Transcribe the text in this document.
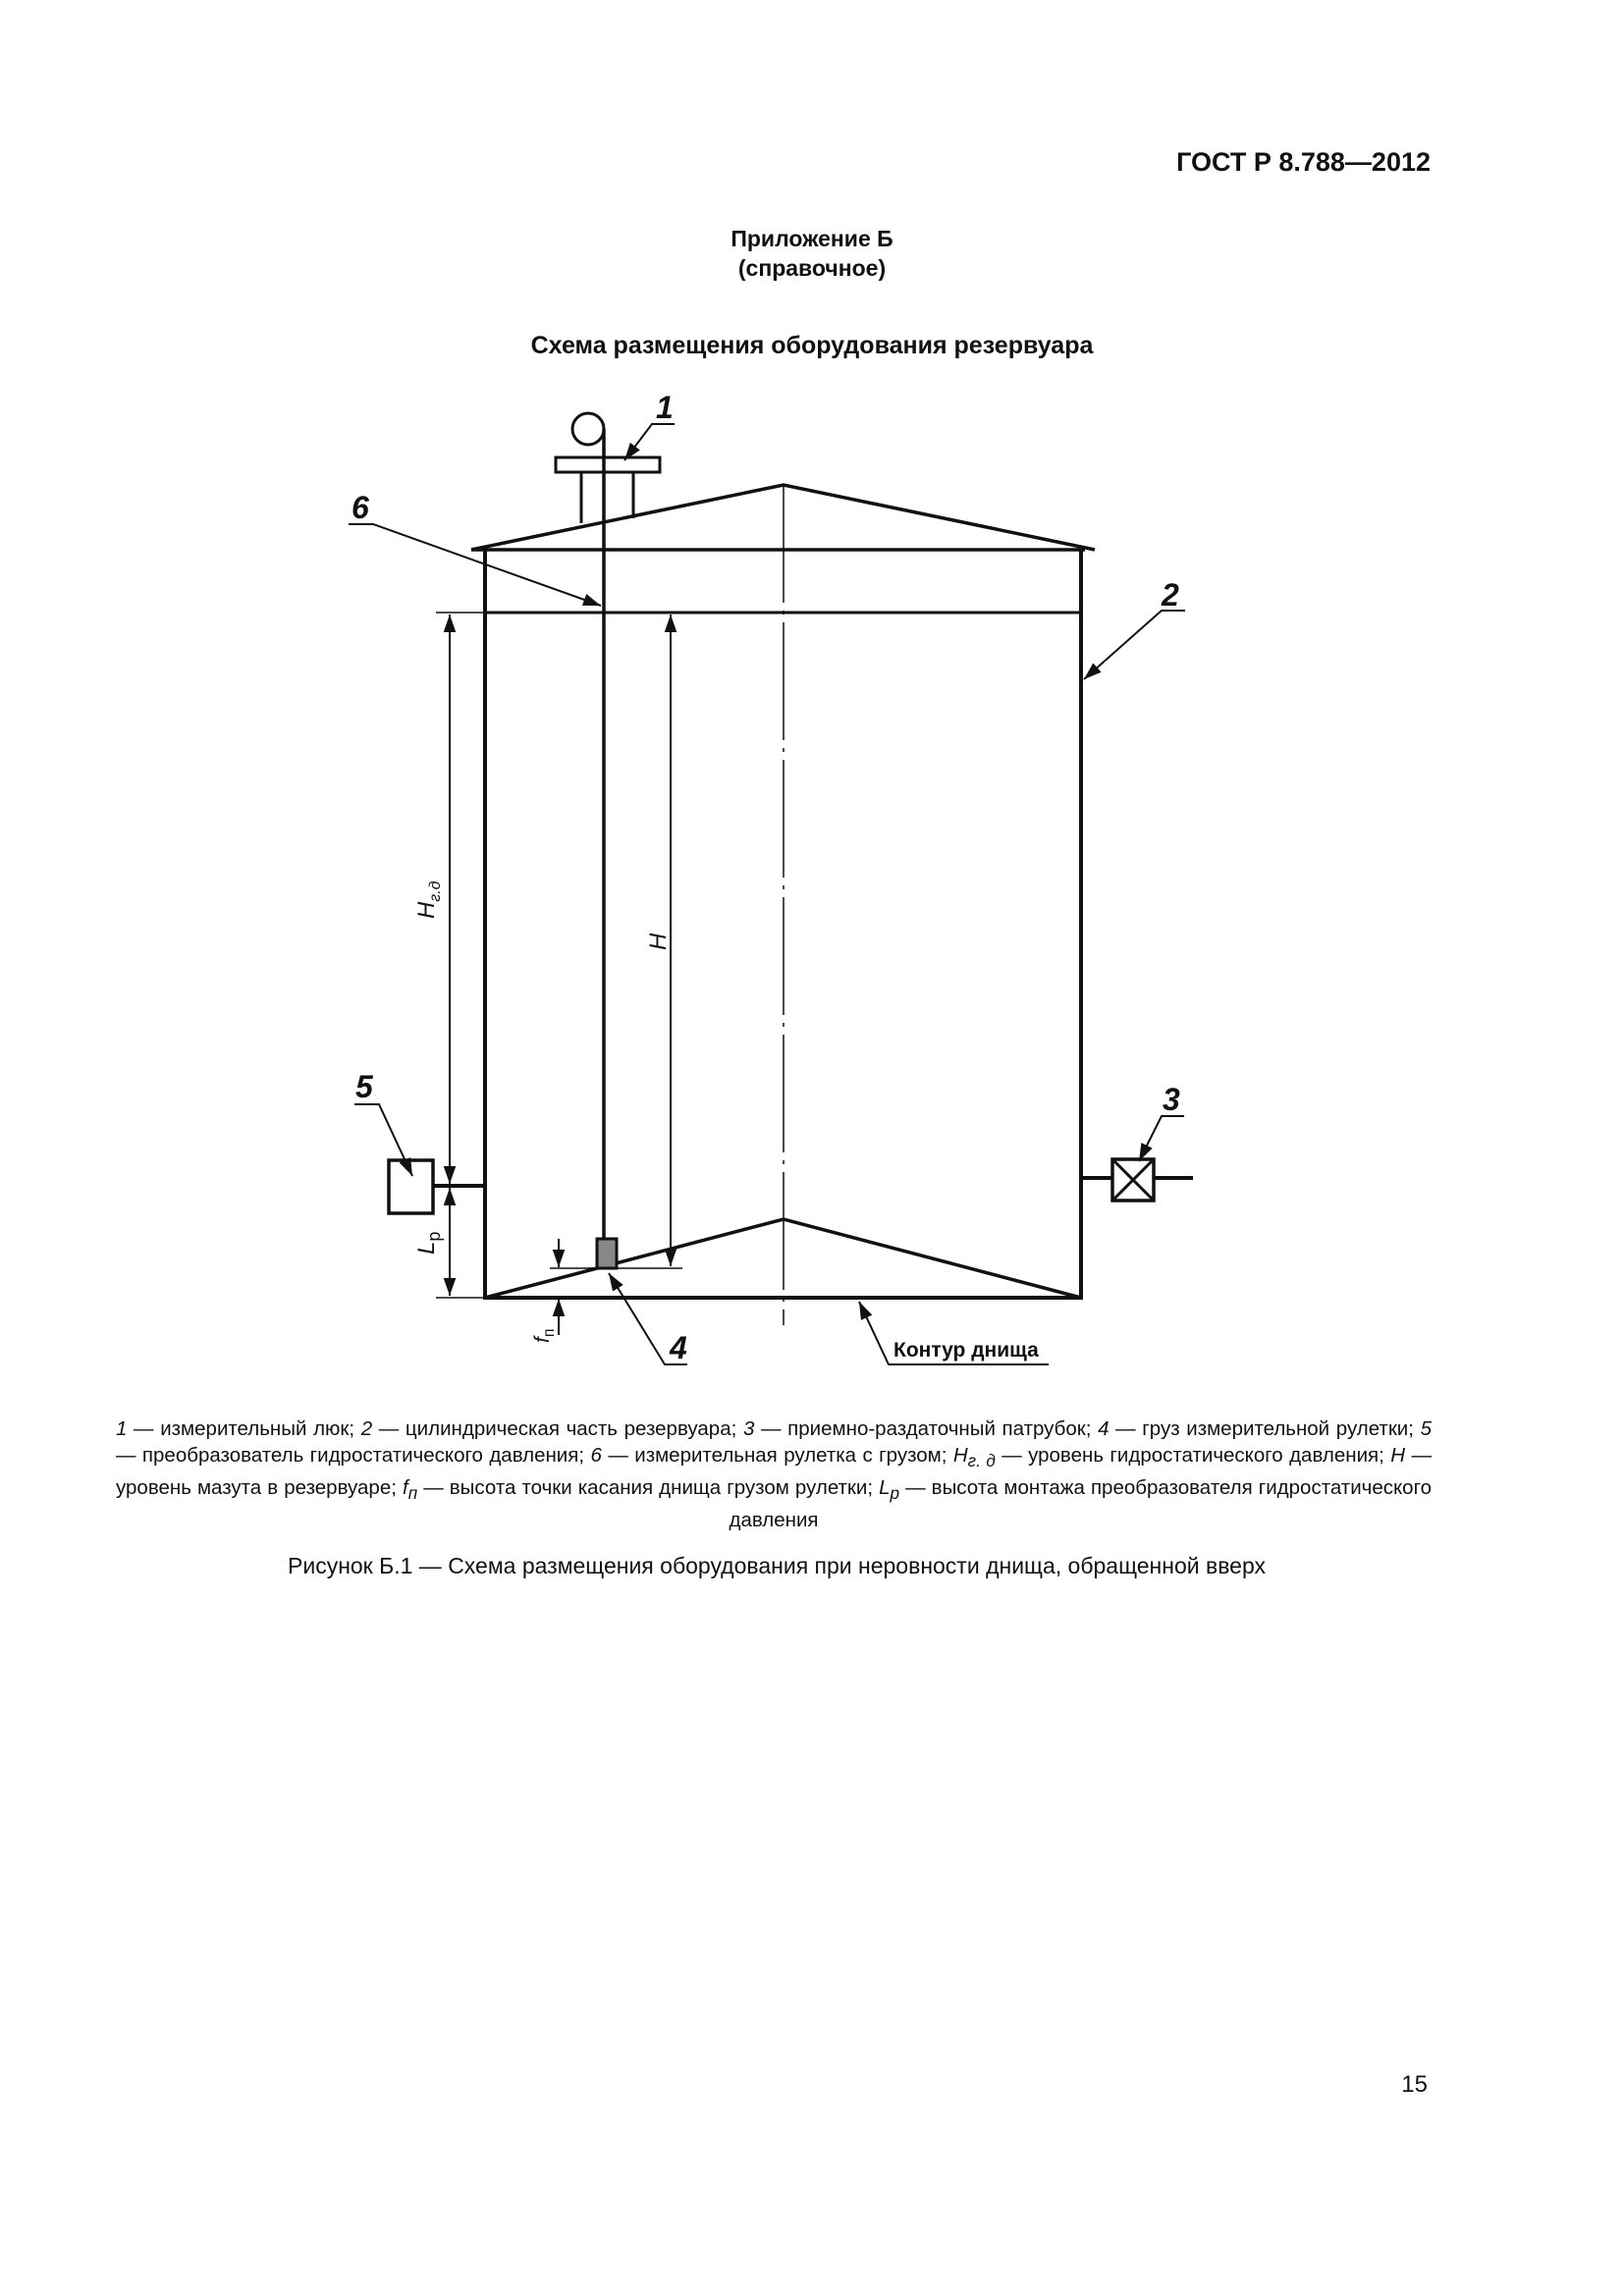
ГОСТ Р 8.788—2012
Приложение Б
(справочное)
Схема размещения оборудования резервуара
1
6
2
5	3
4	Контур днища
$H_{г.д}$
H
$L_р$
$f_п$
1 — измерительный люк; 2 — цилиндрическая часть резервуара; 3 — приемно-раздаточный патрубок; 4 — груз измерительной рулетки; 5 — преобразователь гидростатического давления; 6 — измерительная рулетка с грузом; $H_{г. д}$ — уровень гидростатического давления; H — уровень мазута в резервуаре; $f_п$ — высота точки касания днища грузом рулетки; $L_p$ — высота монтажа преобразователя гидростатического давления
Рисунок Б.1 — Схема размещения оборудования при неровности днища, обращенной вверх
15
